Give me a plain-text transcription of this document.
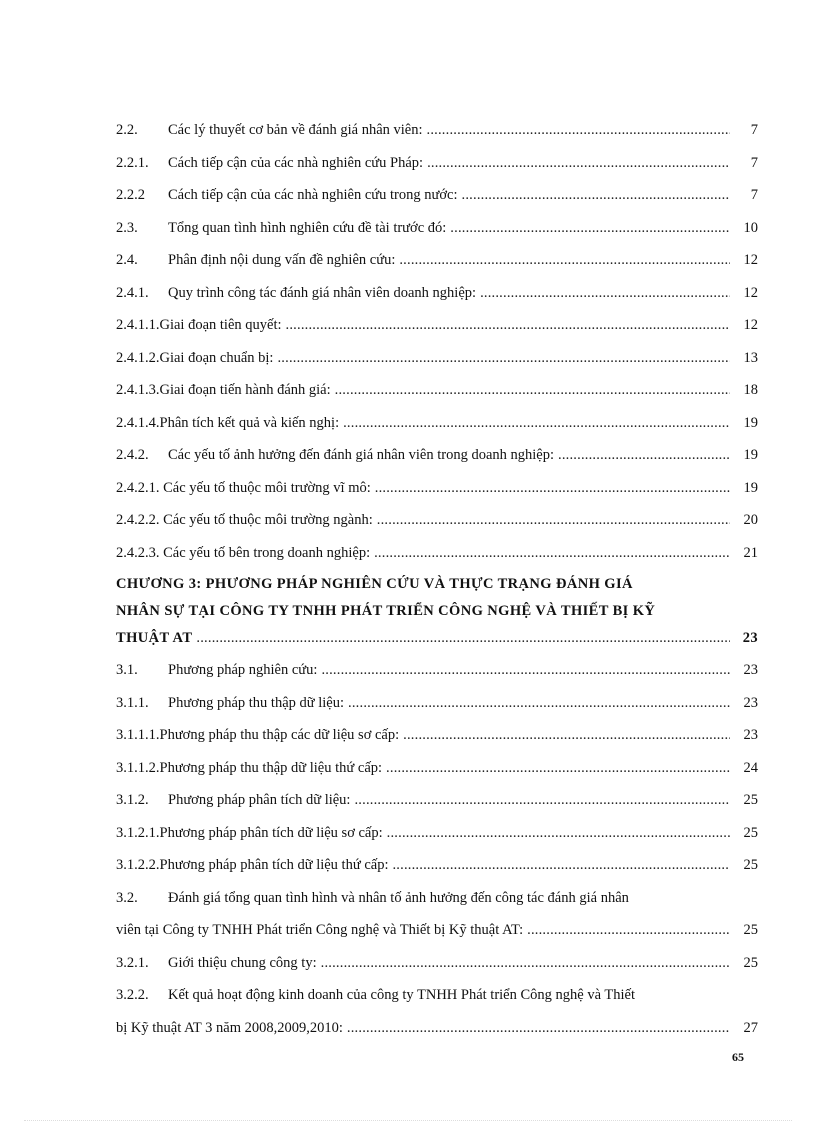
2.2.	Các lý thuyết cơ bản về đánh giá nhân viên: .....	7
2.2.1.	Cách tiếp cận của các nhà nghiên cứu Pháp: .....	7
2.2.2	Cách tiếp cận của các nhà nghiên cứu trong nước: .....	7
2.3.	Tổng quan tình hình nghiên cứu đề tài trước đó: .....	10
2.4.	Phân định nội dung vấn đề nghiên cứu: .....	12
2.4.1.	Quy trình công tác đánh giá nhân viên doanh nghiệp: .....	12
2.4.1.1.Giai đoạn tiên quyết: .....	12
2.4.1.2.Giai đoạn chuẩn bị: .....	13
2.4.1.3.Giai đoạn tiến hành đánh giá: .....	18
2.4.1.4.Phân tích kết quả và kiến nghị: .....	19
2.4.2.	Các yếu tố ảnh hưởng đến đánh giá nhân viên trong doanh nghiệp: .....	19
2.4.2.1. Các yếu tố thuộc môi trường vĩ mô: .....	19
2.4.2.2. Các yếu tố thuộc môi trường ngành: .....	20
2.4.2.3. Các yếu tố bên trong doanh nghiệp: .....	21
CHƯƠNG 3: PHƯƠNG PHÁP NGHIÊN CỨU VÀ THỰC TRẠNG ĐÁNH GIÁ
NHÂN SỰ TẠI CÔNG TY TNHH PHÁT TRIỂN CÔNG NGHỆ VÀ THIẾT BỊ KỸ
THUẬT AT .....	23
3.1.	Phương pháp nghiên cứu: .....	23
3.1.1.	Phương pháp thu thập dữ liệu: .....	23
3.1.1.1.Phương pháp thu thập các dữ liệu sơ cấp: .....	23
3.1.1.2.Phương pháp thu thập dữ liệu thứ cấp: .....	24
3.1.2.	Phương pháp phân tích dữ liệu: .....	25
3.1.2.1.Phương pháp phân tích dữ liệu sơ cấp: .....	25
3.1.2.2.Phương pháp phân tích dữ liệu thứ cấp: .....	25
3.2.	Đánh giá tổng quan tình hình và nhân tố ảnh hưởng đến công tác đánh giá nhân
viên tại Công ty TNHH Phát triển Công nghệ và Thiết bị Kỹ thuật AT: .....	25
3.2.1.	Giới thiệu chung công ty: .....	25
3.2.2.	Kết quả hoạt động kinh doanh của công ty TNHH Phát triển Công nghệ và Thiết
bị Kỹ thuật AT 3 năm 2008,2009,2010: .....	27
65
